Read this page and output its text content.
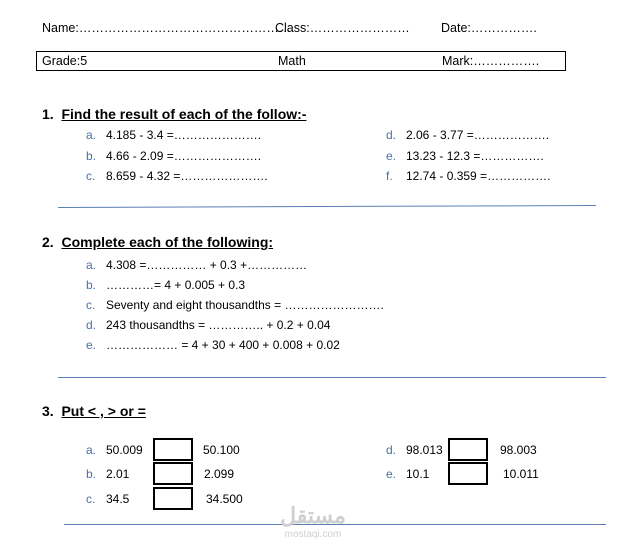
Name:……………………………………………
Class:……………………	Date:…………….
Grade:5	Math	Mark:…………….
1. Find the result of each of the follow:-
a. 4.185 - 3.4 =………………….
b. 4.66 - 2.09 =………………….
c. 8.659 - 4.32 =………………….
d. 2.06 - 3.77 =……………….
e. 13.23 - 12.3 =…………….
f. 12.74 - 0.359 =…………….
2. Complete each of the following:
a. 4.308 =…………… + 0.3 +……………
b. …………= 4 + 0.005 + 0.3
c. Seventy and eight thousandths = …………………….
d. 243 thousandths = ………….. + 0.2 + 0.04
e. ……………… = 4 + 30 + 400 + 0.008 + 0.02
3. Put < , > or =
a. 50.009	50.100
b. 2.01	2.099
c. 34.5	34.500
d. 98.013	98.003
e. 10.1	10.011
مستقل
mostaqi.com
